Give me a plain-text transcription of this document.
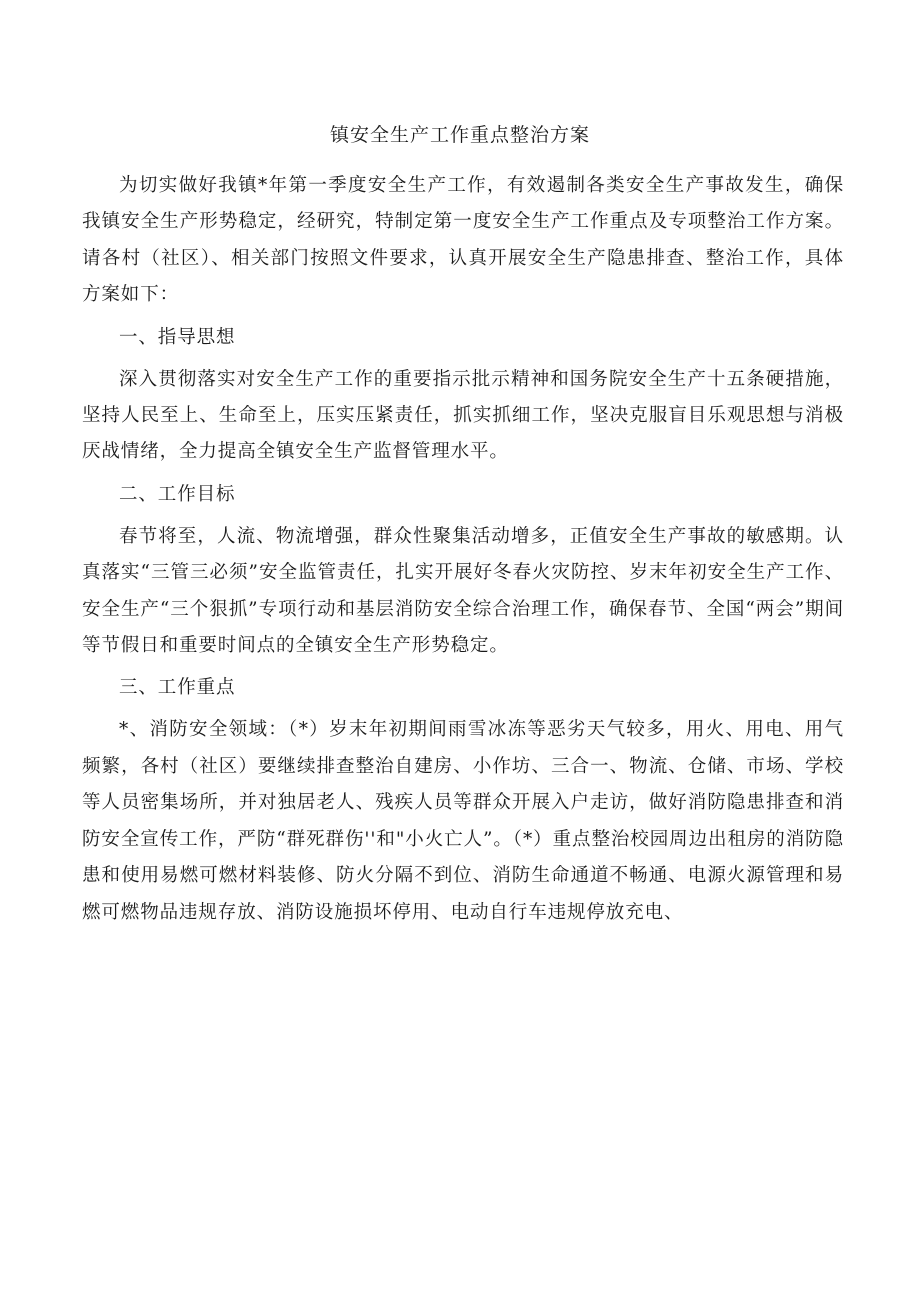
镇安全生产工作重点整治方案

为切实做好我镇*年第一季度安全生产工作，有效遏制各类安全生产事故发生，确保我镇安全生产形势稳定，经研究，特制定第一度安全生产工作重点及专项整治工作方案。请各村（社区）、相关部门按照文件要求，认真开展安全生产隐患排查、整治工作，具体方案如下：

一、指导思想

深入贯彻落实对安全生产工作的重要指示批示精神和国务院安全生产十五条硬措施，坚持人民至上、生命至上，压实压紧责任，抓实抓细工作，坚决克服盲目乐观思想与消极厌战情绪，全力提高全镇安全生产监督管理水平。

二、工作目标

春节将至，人流、物流增强，群众性聚集活动增多，正值安全生产事故的敏感期。认真落实“三管三必须”安全监管责任，扎实开展好冬春火灾防控、岁末年初安全生产工作、安全生产“三个狠抓”专项行动和基层消防安全综合治理工作，确保春节、全国“两会”期间等节假日和重要时间点的全镇安全生产形势稳定。

三、工作重点

*、消防安全领域：（*）岁末年初期间雨雪冰冻等恶劣天气较多，用火、用电、用气频繁，各村（社区）要继续排查整治自建房、小作坊、三合一、物流、仓储、市场、学校等人员密集场所，并对独居老人、残疾人员等群众开展入户走访，做好消防隐患排查和消防安全宣传工作，严防“群死群伤''和"小火亡人”。（*）重点整治校园周边出租房的消防隐患和使用易燃可燃材料装修、防火分隔不到位、消防生命通道不畅通、电源火源管理和易燃可燃物品违规存放、消防设施损坏停用、电动自行车违规停放充电、
